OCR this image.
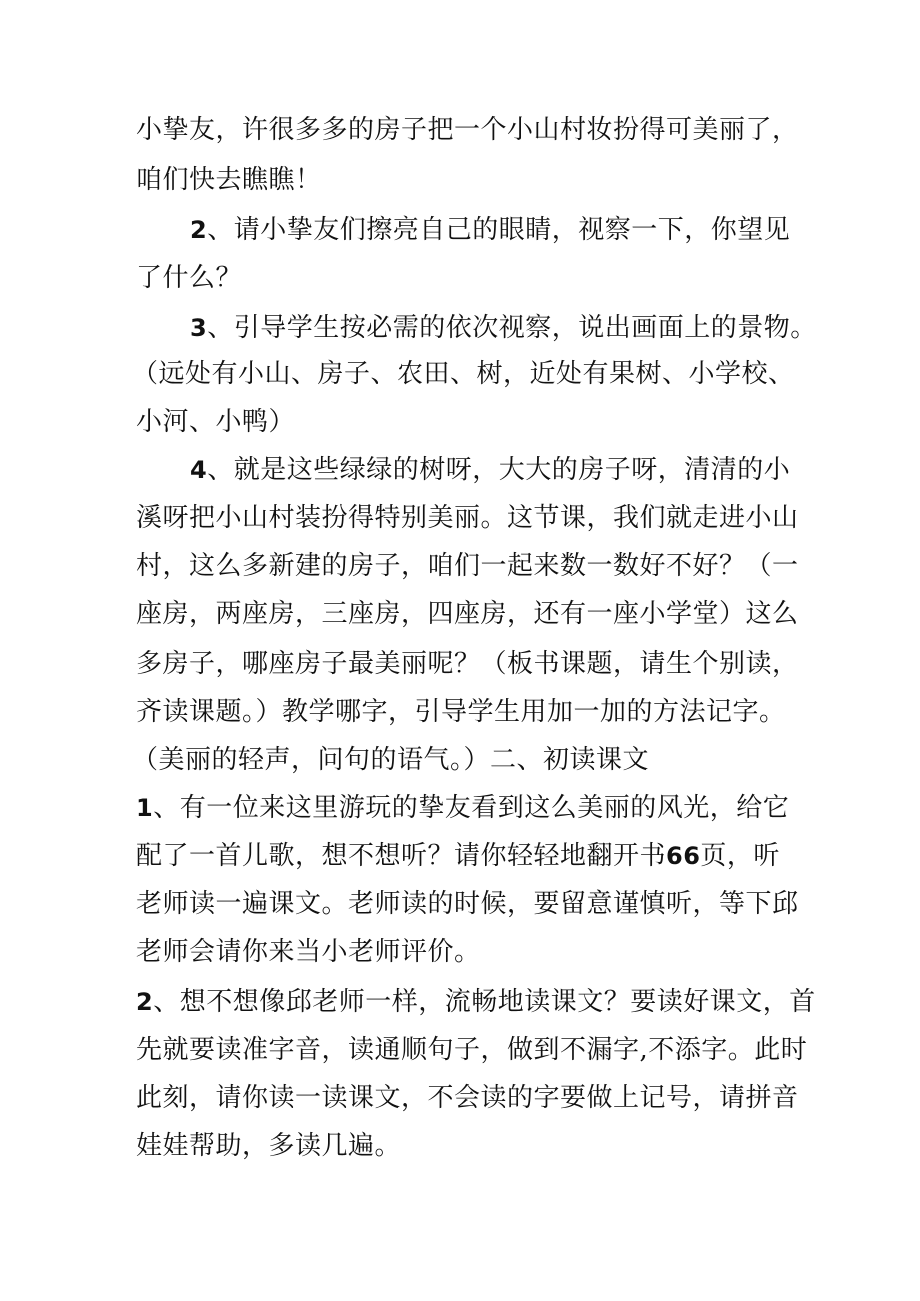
小挚友，许很多多的房子把一个小山村妆扮得可美丽了，
咱们快去瞧瞧！
2、请小挚友们擦亮自己的眼睛，视察一下，你望见
了什么？
3、引导学生按必需的依次视察，说出画面上的景物。
（远处有小山、房子、农田、树，近处有果树、小学校、
小河、小鸭）
4、就是这些绿绿的树呀，大大的房子呀，清清的小
溪呀把小山村装扮得特别美丽。这节课，我们就走进小山
村，这么多新建的房子，咱们一起来数一数好不好？（一
座房，两座房，三座房，四座房，还有一座小学堂）这么
多房子，哪座房子最美丽呢？（板书课题，请生个别读，
齐读课题。）教学哪字，引导学生用加一加的方法记字。
（美丽的轻声，问句的语气。）二、初读课文
1、有一位来这里游玩的挚友看到这么美丽的风光，给它
配了一首儿歌，想不想听？请你轻轻地翻开书66页，听
老师读一遍课文。老师读的时候，要留意谨慎听，等下邱
老师会请你来当小老师评价。
2、想不想像邱老师一样，流畅地读课文？要读好课文，首
先就要读准字音，读通顺句子，做到不漏字,不添字。此时
此刻，请你读一读课文，不会读的字要做上记号，请拼音
娃娃帮助，多读几遍。
